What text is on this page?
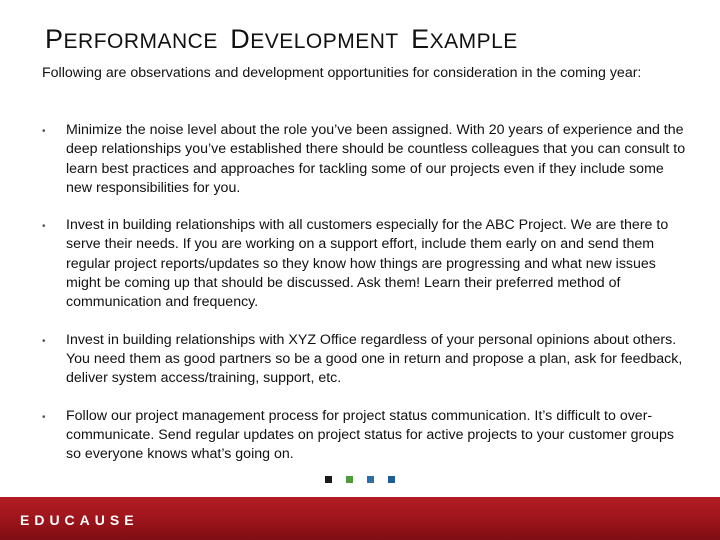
PERFORMANCE DEVELOPMENT EXAMPLE
Following are observations and development opportunities for consideration in the coming year:
• Minimize the noise level about the role you’ve been assigned. With 20 years of experience and the deep relationships you’ve established there should be countless colleagues that you can consult to learn best practices and approaches for tackling some of our projects even if they include some new responsibilities for you.
• Invest in building relationships with all customers especially for the ABC Project. We are there to serve their needs. If you are working on a support effort, include them early on and send them regular project reports/updates so they know how things are progressing and what new issues might be coming up that should be discussed. Ask them! Learn their preferred method of communication and frequency.
• Invest in building relationships with XYZ Office regardless of your personal opinions about others. You need them as good partners so be a good one in return and propose a plan, ask for feedback, deliver system access/training, support, etc.
• Follow our project management process for project status communication. It’s difficult to over-communicate. Send regular updates on project status for active projects to your customer groups so everyone knows what’s going on.
EDUCAUSE
